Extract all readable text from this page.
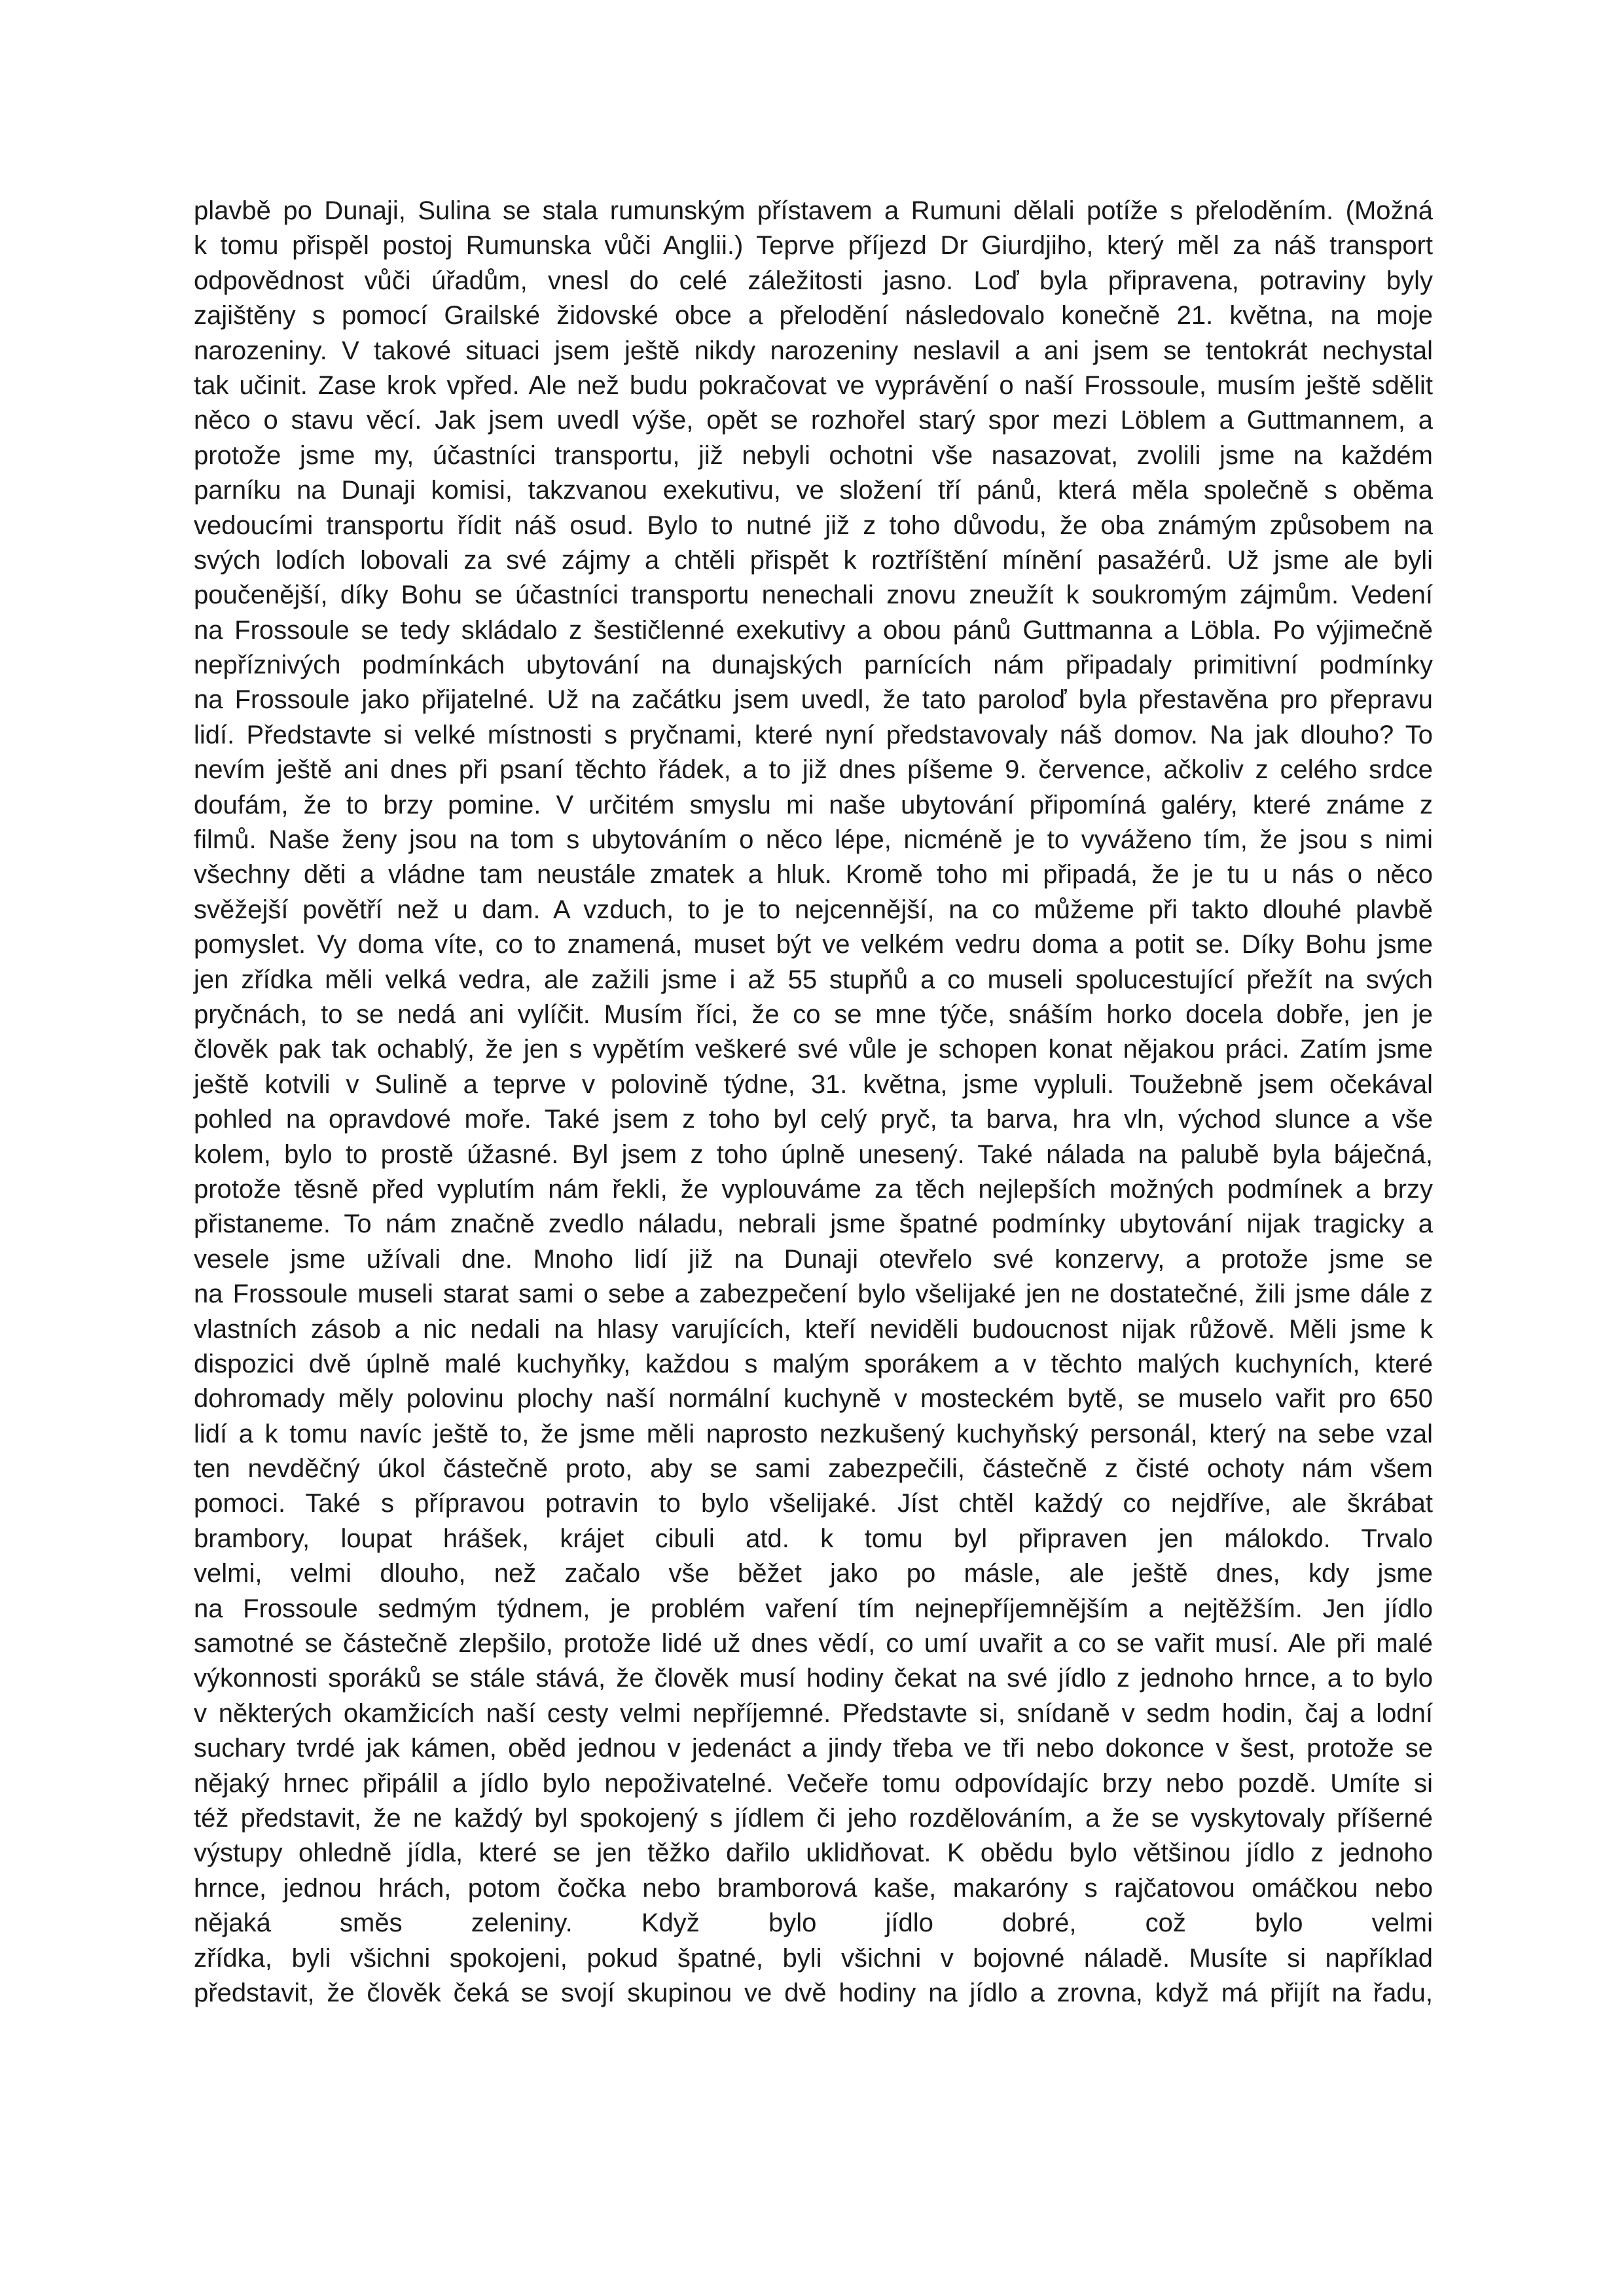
plavbě po Dunaji, Sulina se stala rumunským přístavem a Rumuni dělali potíže s přeloděním. (Možná
k tomu přispěl postoj Rumunska vůči Anglii.) Teprve příjezd Dr Giurdjiho, který měl za náš transport
odpovědnost vůči úřadům, vnesl do celé záležitosti jasno. Loď byla připravena, potraviny byly
zajištěny s pomocí Grailské židovské obce a přelodění následovalo konečně 21. května, na moje
narozeniny. V takové situaci jsem ještě nikdy narozeniny neslavil a ani jsem se tentokrát nechystal
tak učinit. Zase krok vpřed. Ale než budu pokračovat ve vyprávění o naší Frossoule, musím ještě sdělit
něco o stavu věcí. Jak jsem uvedl výše, opět se rozhořel starý spor mezi Löblem a Guttmannem, a
protože jsme my, účastníci transportu, již nebyli ochotni vše nasazovat, zvolili jsme na každém
parníku na Dunaji komisi, takzvanou exekutivu, ve složení tří pánů, která měla společně s oběma
vedoucími transportu řídit náš osud. Bylo to nutné již z toho důvodu, že oba známým způsobem na
svých lodích lobovali za své zájmy a chtěli přispět k roztříštění mínění pasažérů. Už jsme ale byli
poučenější, díky Bohu se účastníci transportu nenechali znovu zneužít k soukromým zájmům. Vedení
na Frossoule se tedy skládalo z šestičlenné exekutivy a obou pánů Guttmanna a Löbla. Po výjimečně
nepříznivých podmínkách ubytování na dunajských parnících nám připadaly primitivní podmínky
na Frossoule jako přijatelné. Už na začátku jsem uvedl, že tato paroloď byla přestavěna pro přepravu
lidí. Představte si velké místnosti s pryčnami, které nyní představovaly náš domov. Na jak dlouho? To
nevím ještě ani dnes při psaní těchto řádek, a to již dnes píšeme 9. července, ačkoliv z celého srdce
doufám, že to brzy pomine. V určitém smyslu mi naše ubytování připomíná galéry, které známe z
filmů. Naše ženy jsou na tom s ubytováním o něco lépe, nicméně je to vyváženo tím, že jsou s nimi
všechny děti a vládne tam neustále zmatek a hluk. Kromě toho mi připadá, že je tu u nás o něco
svěžejší povětří než u dam. A vzduch, to je to nejcennější, na co můžeme při takto dlouhé plavbě
pomyslet. Vy doma víte, co to znamená, muset být ve velkém vedru doma a potit se. Díky Bohu jsme
jen zřídka měli velká vedra, ale zažili jsme i až 55 stupňů a co museli spolucestující přežít na svých
pryčnách, to se nedá ani vylíčit. Musím říci, že co se mne týče, snáším horko docela dobře, jen je
člověk pak tak ochablý, že jen s vypětím veškeré své vůle je schopen konat nějakou práci. Zatím jsme
ještě kotvili v Sulině a teprve v polovině týdne, 31. května, jsme vypluli. Toužebně jsem očekával
pohled na opravdové moře. Také jsem z toho byl celý pryč, ta barva, hra vln, východ slunce a vše
kolem, bylo to prostě úžasné. Byl jsem z toho úplně unesený. Také nálada na palubě byla báječná,
protože těsně před vyplutím nám řekli, že vyplouváme za těch nejlepších možných podmínek a brzy
přistaneme. To nám značně zvedlo náladu, nebrali jsme špatné podmínky ubytování nijak tragicky a
vesele jsme užívali dne. Mnoho lidí již na Dunaji otevřelo své konzervy, a protože jsme se
na Frossoule museli starat sami o sebe a zabezpečení bylo všelijaké jen ne dostatečné, žili jsme dále z
vlastních zásob a nic nedali na hlasy varujících, kteří neviděli budoucnost nijak růžově. Měli jsme k
dispozici dvě úplně malé kuchyňky, každou s malým sporákem a v těchto malých kuchyních, které
dohromady měly polovinu plochy naší normální kuchyně v mosteckém bytě, se muselo vařit pro 650
lidí a k tomu navíc ještě to, že jsme měli naprosto nezkušený kuchyňský personál, který na sebe vzal
ten nevděčný úkol částečně proto, aby se sami zabezpečili, částečně z čisté ochoty nám všem
pomoci. Také s přípravou potravin to bylo všelijaké. Jíst chtěl každý co nejdříve, ale škrábat
brambory, loupat hrášek, krájet cibuli atd. k tomu byl připraven jen málokdo. Trvalo
velmi, velmi dlouho, než začalo vše běžet jako po másle, ale ještě dnes, kdy jsme
na Frossoule sedmým týdnem, je problém vaření tím nejnepříjemnějším a nejtěžším. Jen jídlo
samotné se částečně zlepšilo, protože lidé už dnes vědí, co umí uvařit a co se vařit musí. Ale při malé
výkonnosti sporáků se stále stává, že člověk musí hodiny čekat na své jídlo z jednoho hrnce, a to bylo
v některých okamžicích naší cesty velmi nepříjemné. Představte si, snídaně v sedm hodin, čaj a lodní
suchary tvrdé jak kámen, oběd jednou v jedenáct a jindy třeba ve tři nebo dokonce v šest, protože se
nějaký hrnec připálil a jídlo bylo nepoživatelné. Večeře tomu odpovídajíc brzy nebo pozdě. Umíte si
též představit, že ne každý byl spokojený s jídlem či jeho rozdělováním, a že se vyskytovaly příšerné
výstupy ohledně jídla, které se jen těžko dařilo uklidňovat. K obědu bylo většinou jídlo z jednoho
hrnce, jednou hrách, potom čočka nebo bramborová kaše, makaróny s rajčatovou omáčkou nebo
nějaká směs zeleniny. Když bylo jídlo dobré, což bylo velmi
zřídka, byli všichni spokojeni, pokud špatné, byli všichni v bojovné náladě. Musíte si například
představit, že člověk čeká se svojí skupinou ve dvě hodiny na jídlo a zrovna, když má přijít na řadu,
